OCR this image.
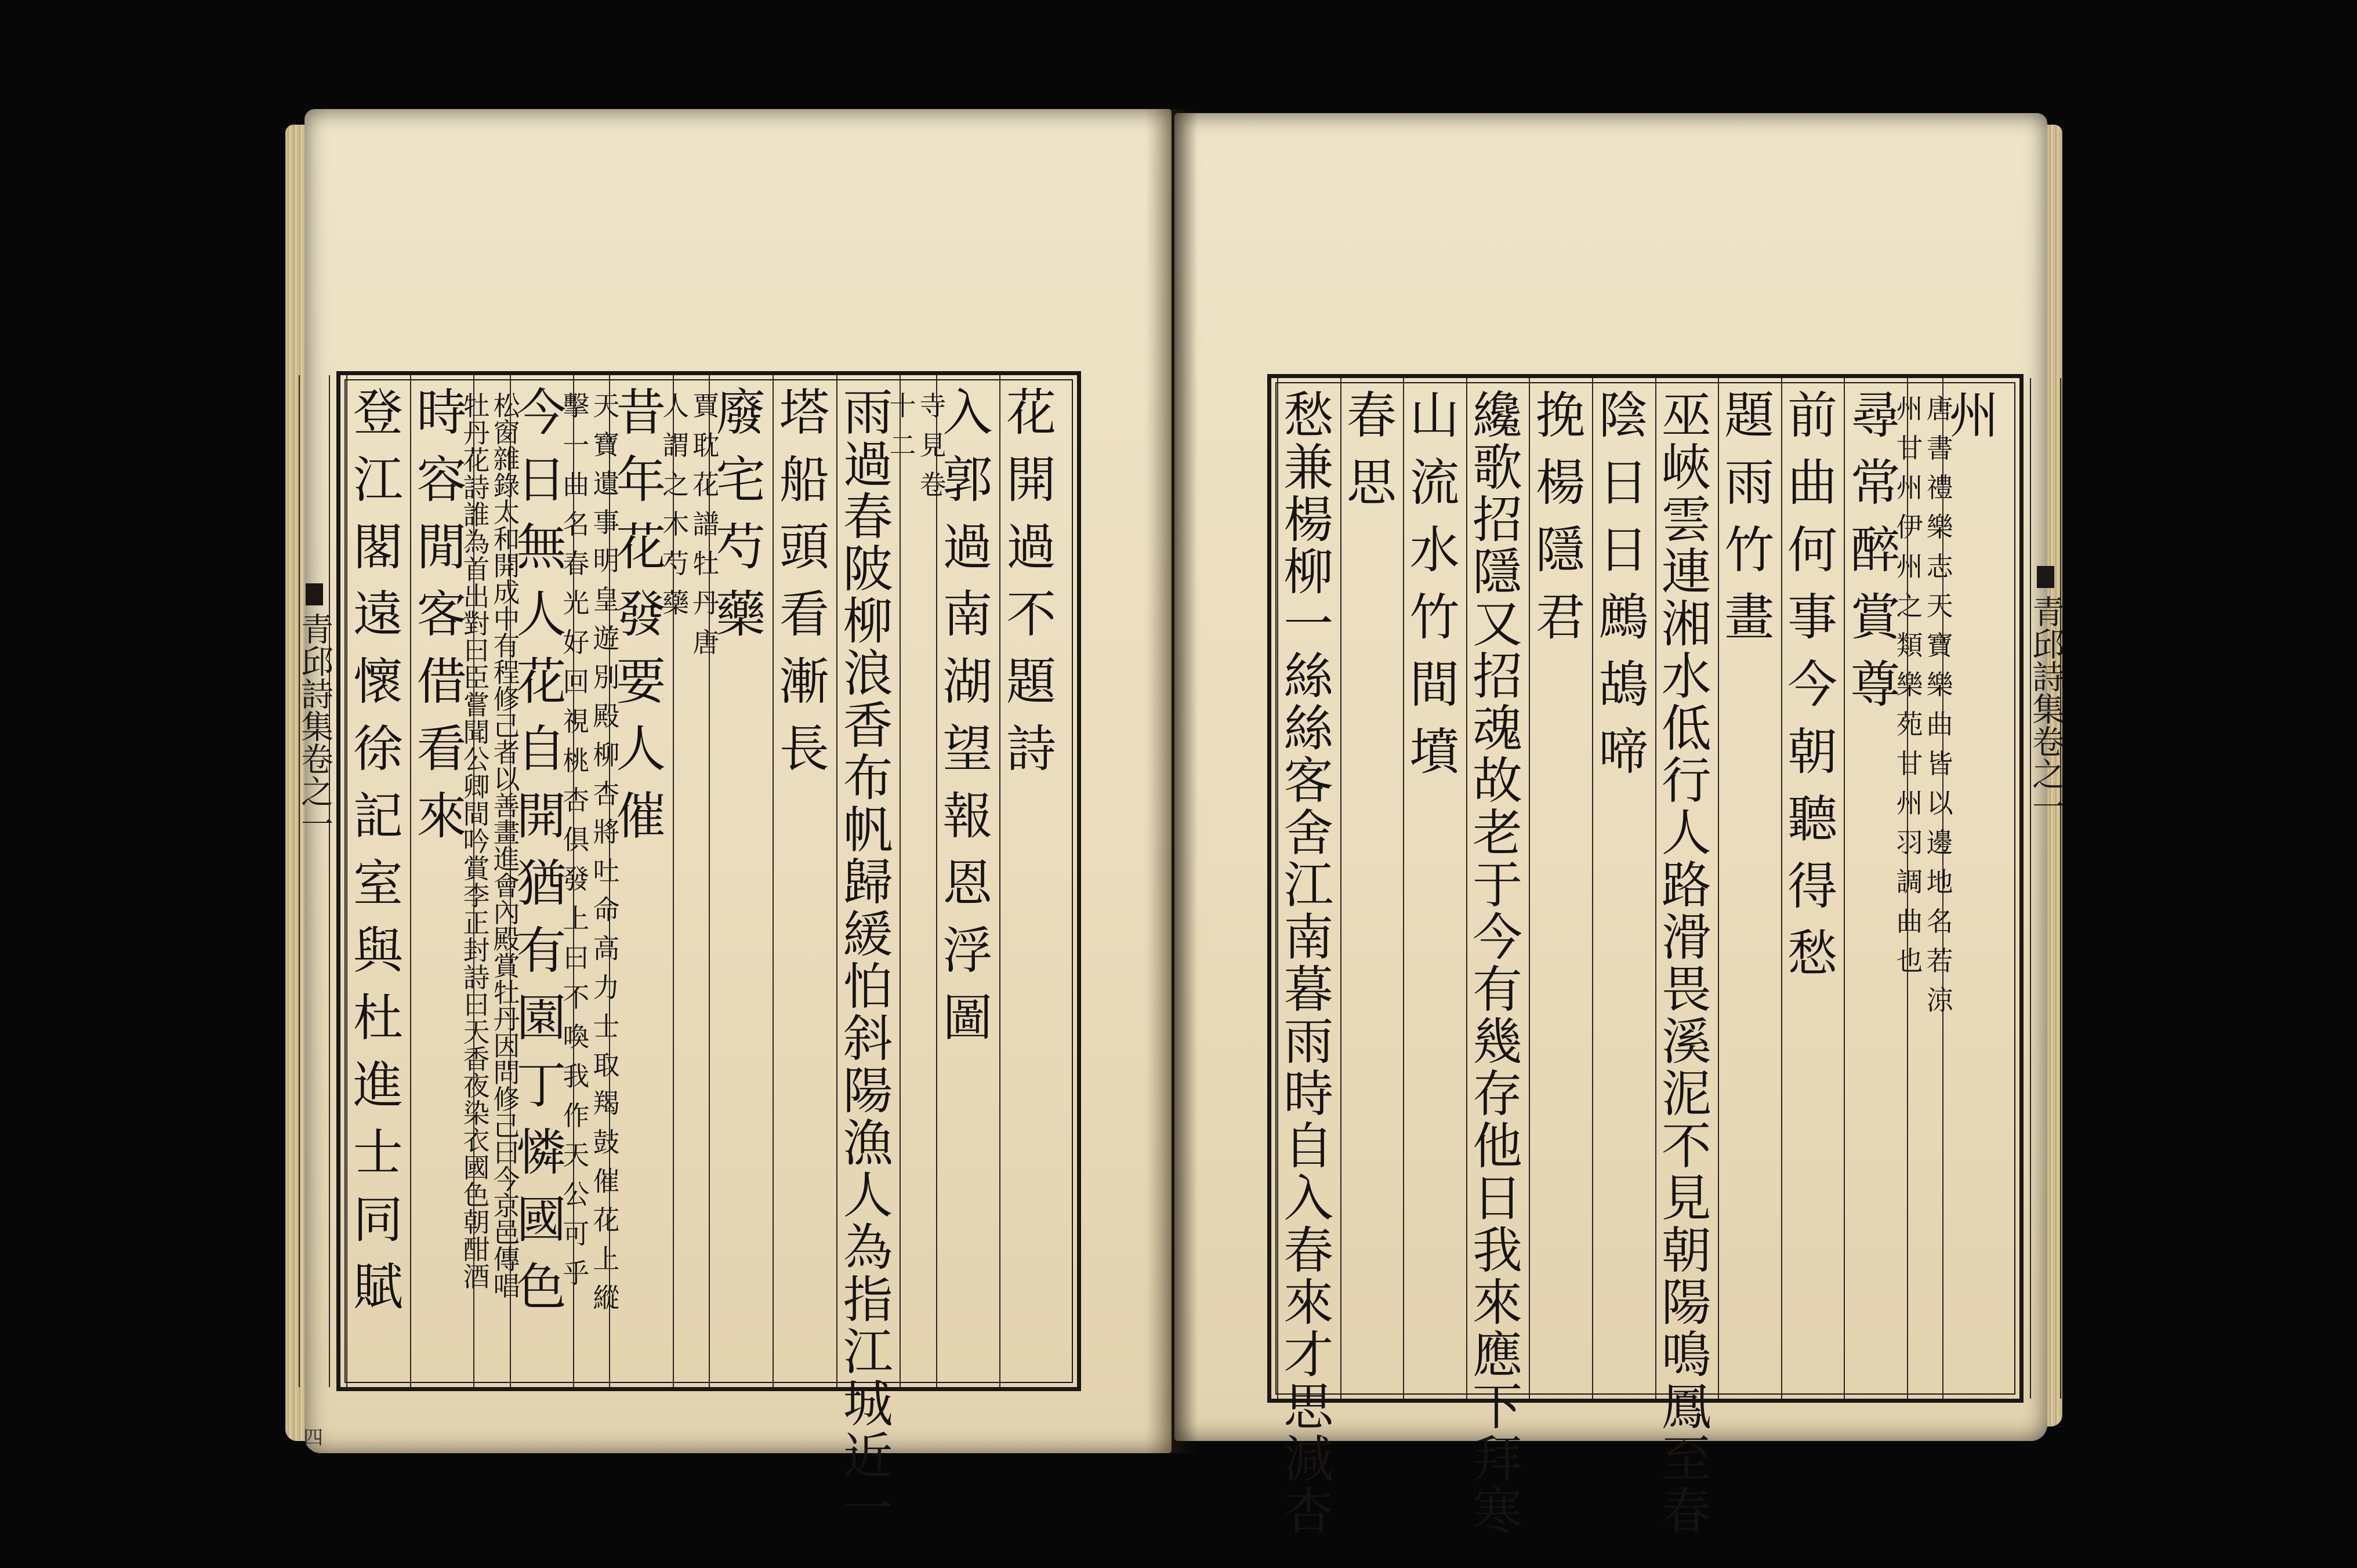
青邱詩集卷之一
四
花
開
過
不
題
詩
入
郭
過
南
湖
望
報
恩
浮
圖
寺
見
卷
十
二
雨
過
春
陂
柳
浪
香
布
帆
歸
緩
怕
斜
陽
漁
人
為
指
江
城
近
一
塔
船
頭
看
漸
長
廢
宅
芍
藥
賈
耽
花
譜
牡
丹
唐
人
謂
之
木
芍
藥
昔
年
花
發
要
人
催
天
寶
遺
事
明
皇
遊
別
殿
柳
杏
將
吐
命
高
力
士
取
羯
鼓
催
花
上
縱
擊
一
曲
名
春
光
好
回
視
桃
杏
俱
發
上
曰
不
喚
我
作
天
公
可
乎
今
日
無
人
花
自
開
猶
有
園
丁
憐
國
色
松
窗
雜
錄
太
和
開
成
中
有
程
修
己
者
以
善
畫
進
會
內
殿
賞
牡
丹
因
問
修
己
曰
今
京
邑
傳
唱
牡
丹
花
詩
誰
為
首
出
對
曰
臣
嘗
聞
公
卿
間
吟
賞
李
正
封
詩
曰
天
香
夜
染
衣
國
色
朝
酣
酒
時
容
閒
客
借
看
來
登
江
閣
遠
懷
徐
記
室
與
杜
進
士
同
賦
青邱詩集卷之一
州
唐
書
禮
樂
志
天
寶
樂
曲
皆
以
邊
地
名
若
涼
州
甘
州
伊
州
之
類
樂
苑
甘
州
羽
調
曲
也
尋
常
醉
賞
尊
前
曲
何
事
今
朝
聽
得
愁
題
雨
竹
畫
巫
峽
雲
連
湘
水
低
行
人
路
滑
畏
溪
泥
不
見
朝
陽
鳴
鳳
至
春
陰
日
日
鷓
鴣
啼
挽
楊
隱
君
纔
歌
招
隱
又
招
魂
故
老
于
今
有
幾
存
他
日
我
來
應
下
拜
寒
山
流
水
竹
間
墳
春
思
愁
兼
楊
柳
一
絲
絲
客
舍
江
南
暮
雨
時
自
入
春
來
才
思
減
杏
